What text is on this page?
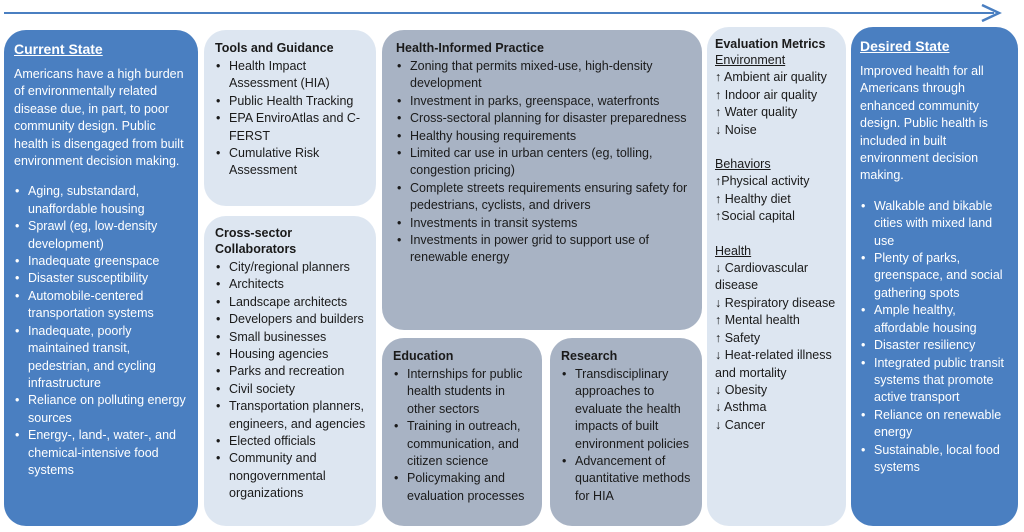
Current State
Americans have a high burden of environmentally related disease due, in part, to poor community design. Public health is disengaged from built environment decision making.
• Aging, substandard, unaffordable housing
• Sprawl (eg, low-density development)
• Inadequate greenspace
• Disaster susceptibility
• Automobile-centered transportation systems
• Inadequate, poorly maintained transit, pedestrian, and cycling infrastructure
• Reliance on polluting energy sources
• Energy-, land-, water-, and chemical-intensive food systems
Tools and Guidance
• Health Impact Assessment (HIA)
• Public Health Tracking
• EPA EnviroAtlas and C-FERST
• Cumulative Risk Assessment
Cross-sector Collaborators
• City/regional planners
• Architects
• Landscape architects
• Developers and builders
• Small businesses
• Housing agencies
• Parks and recreation
• Civil society
• Transportation planners, engineers, and agencies
• Elected officials
• Community and nongovernmental organizations
Health-Informed Practice
• Zoning that permits mixed-use, high-density development
• Investment in parks, greenspace, waterfronts
• Cross-sectoral planning for disaster preparedness
• Healthy housing requirements
• Limited car use in urban centers (eg, tolling, congestion pricing)
• Complete streets requirements ensuring safety for pedestrians, cyclists, and drivers
• Investments in transit systems
• Investments in power grid to support use of renewable energy
Education
• Internships for public health students in other sectors
• Training in outreach, communication, and citizen science
• Policymaking and evaluation processes
Research
• Transdisciplinary approaches to evaluate the health impacts of built environment policies
• Advancement of quantitative methods for HIA
Evaluation Metrics
Environment
↑ Ambient air quality
↑ Indoor air quality
↑ Water quality
↓ Noise
Behaviors
↑Physical activity
↑ Healthy diet
↑Social capital
Health
↓ Cardiovascular disease
↓ Respiratory disease
↑ Mental health
↑ Safety
↓ Heat-related illness and mortality
↓ Obesity
↓ Asthma
↓ Cancer
Desired State
Improved health for all Americans through enhanced community design. Public health is included in built environment decision making.
• Walkable and bikable cities with mixed land use
• Plenty of parks, greenspace, and social gathering spots
• Ample healthy, affordable housing
• Disaster resiliency
• Integrated public transit systems that promote active transport
• Reliance on renewable energy
• Sustainable, local food systems
